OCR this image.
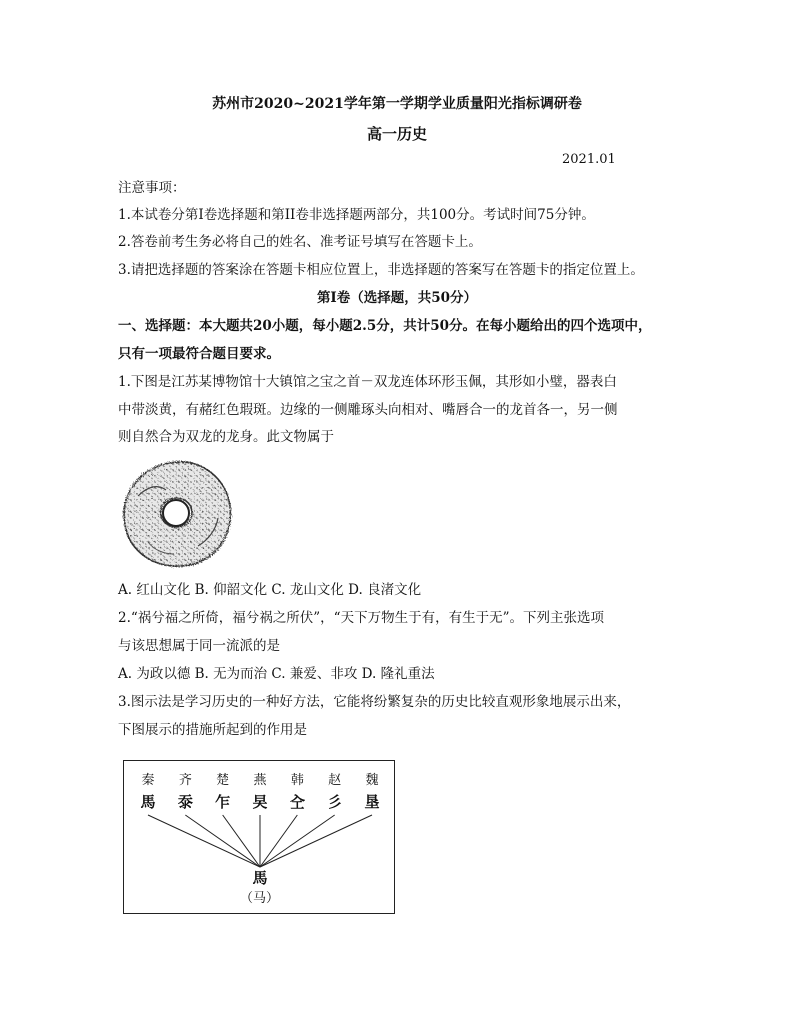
苏州市2020~2021学年第一学期学业质量阳光指标调研卷
高一历史
2021.01
注意事项：
1.本试卷分第I卷选择题和第II卷非选择题两部分，共100分。考试时间75分钟。
2.答卷前考生务必将自己的姓名、准考证号填写在答题卡上。
3.请把选择题的答案涂在答题卡相应位置上，非选择题的答案写在答题卡的指定位置上。
第I卷（选择题，共50分）
一、选择题：本大题共20小题，每小题2.5分，共计50分。在每小题给出的四个选项中，
只有一项最符合题目要求。
1.下图是江苏某博物馆十大镇馆之宝之首－双龙连体环形玉佩，其形如小璧，器表白
中带淡黄，有赭红色瑕斑。边缘的一侧雕琢头向相对、嘴唇合一的龙首各一，另一侧
则自然合为双龙的龙身。此文物属于
A. 红山文化 B. 仰韶文化 C. 龙山文化 D. 良渚文化
2.“祸兮福之所倚，福兮祸之所伏”，“天下万物生于有，有生于无”。下列主张选项
与该思想属于同一流派的是
A. 为政以德 B. 无为而治 C. 兼爱、非攻 D. 隆礼重法
3.图示法是学习历史的一种好方法，它能将纷繁复杂的历史比较直观形象地展示出来，
下图展示的措施所起到的作用是
秦 齐 楚 燕 韩 赵 魏
馬 沗 乍 旲 㒰 彡 垦
馬
（马）
